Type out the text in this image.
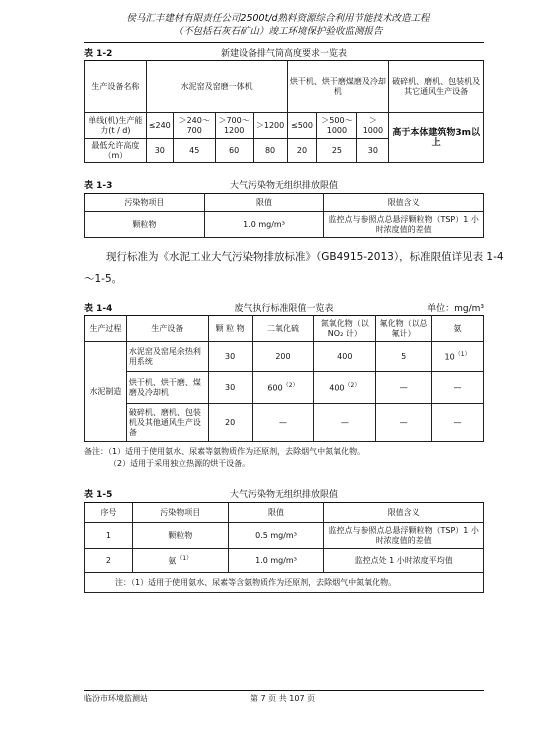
侯马汇丰建材有限责任公司2500t/d熟料资源综合利用节能技术改造工程
（不包括石灰石矿山）竣工环境保护验收监测报告
表 1-2	新建设备排气筒高度要求一览表
生产设备名称	水泥窑及窑磨一体机				烘干机、烘干磨煤磨及冷却机			破碎机、磨机、包装机及其它通风生产设备
单线(机)生产能力(t / d)	≤240	＞240～700	＞700～1200	＞1200	≤500	＞500～1000	＞1000	高于本体建筑物3m以上
最低允许高度（m）	30	45	60	80	20	25	30	
表 1-3	大气污染物无组织排放限值
污染物项目	限值	限值含义
颗粒物	1.0 mg/m³	监控点与参照点总悬浮颗粒物（TSP）1 小时浓度值的差值
现行标准为《水泥工业大气污染物排放标准》（GB4915-2013），标准限值详见表 1-4～1-5。
表 1-4	废气执行标准限值一览表	单位：mg/m³
生产过程	生产设备	颗 粒 物	二氧化硫	氮氧化物（以 NO₂ 计）	氟化物（以总氟计）	氨
水泥制造	水泥窑及窑尾余热利用系统	30	200	400	5	$10^{(1)}$
	烘干机、烘干磨、煤磨及冷却机	30	$600^{(2)}$	$400^{(2)}$	—	—
	破碎机、磨机、包装机及其他通风生产设备	20	—	—	—	—
备注：（1）适用于使用氨水、尿素等氨物质作为还原剂，去除烟气中氮氧化物。
（2）适用于采用独立热源的烘干设备。
表 1-5	大气污染物无组织排放限值
序号	污染物项目	限值	限值含义
1	颗粒物	0.5 mg/m³	监控点与参照点总悬浮颗粒物（TSP）1 小时浓度值的差值
2	氨$^{(1)}$	1.0 mg/m³	监控点处 1 小时浓度平均值
注：（1）适用于使用氨水、尿素等含氨物质作为还原剂，去除烟气中氮氧化物。			
临汾市环境监测站	第 7 页 共 107 页
